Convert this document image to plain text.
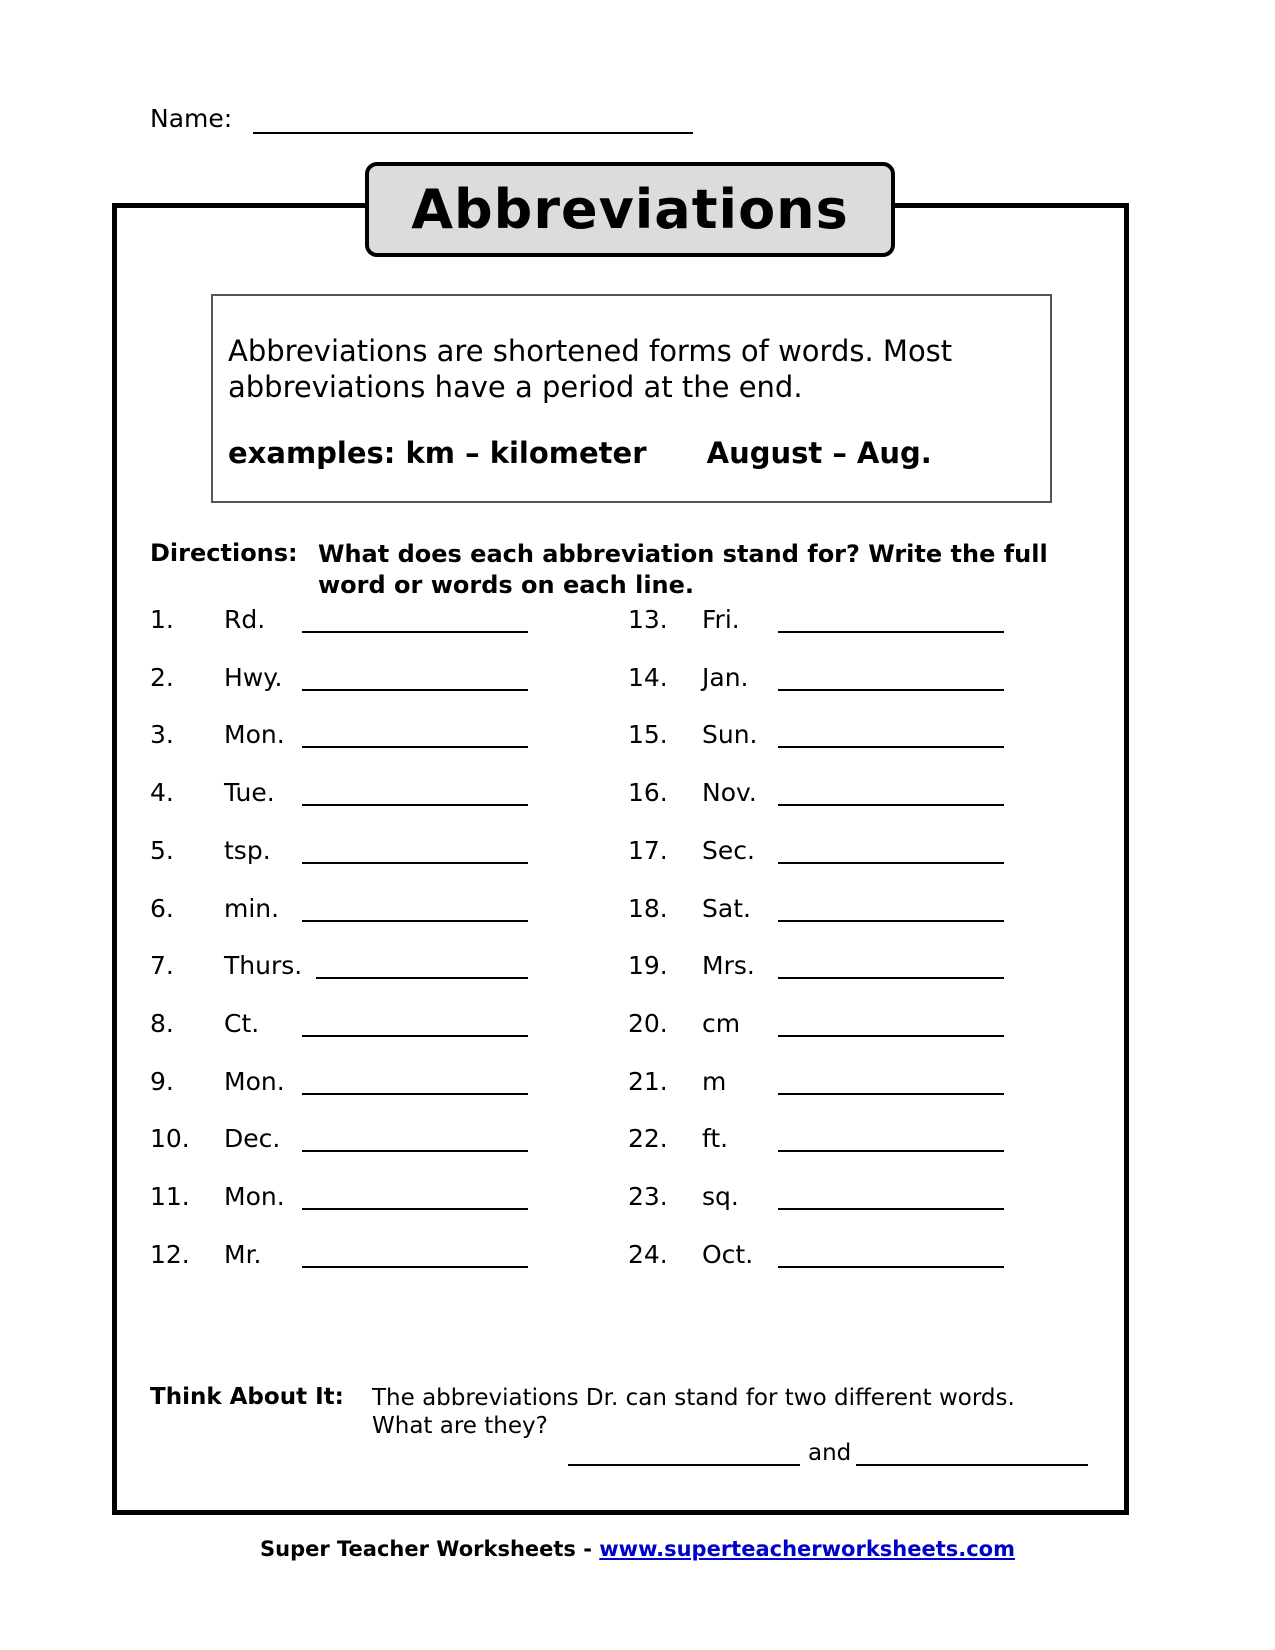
Name:
Abbreviations
Abbreviations are shortened forms of words. Most abbreviations have a period at the end.
examples: km – kilometer August – Aug.
Directions: What does each abbreviation stand for? Write the full word or words on each line.
1. Rd.
2. Hwy.
3. Mon.
4. Tue.
5. tsp.
6. min.
7. Thurs.
8. Ct.
9. Mon.
10. Dec.
11. Mon.
12. Mr.
13. Fri.
14. Jan.
15. Sun.
16. Nov.
17. Sec.
18. Sat.
19. Mrs.
20. cm
21. m
22. ft.
23. sq.
24. Oct.
Think About It: The abbreviations Dr. can stand for two different words. What are they?
and
Super Teacher Worksheets - www.superteacherworksheets.com
